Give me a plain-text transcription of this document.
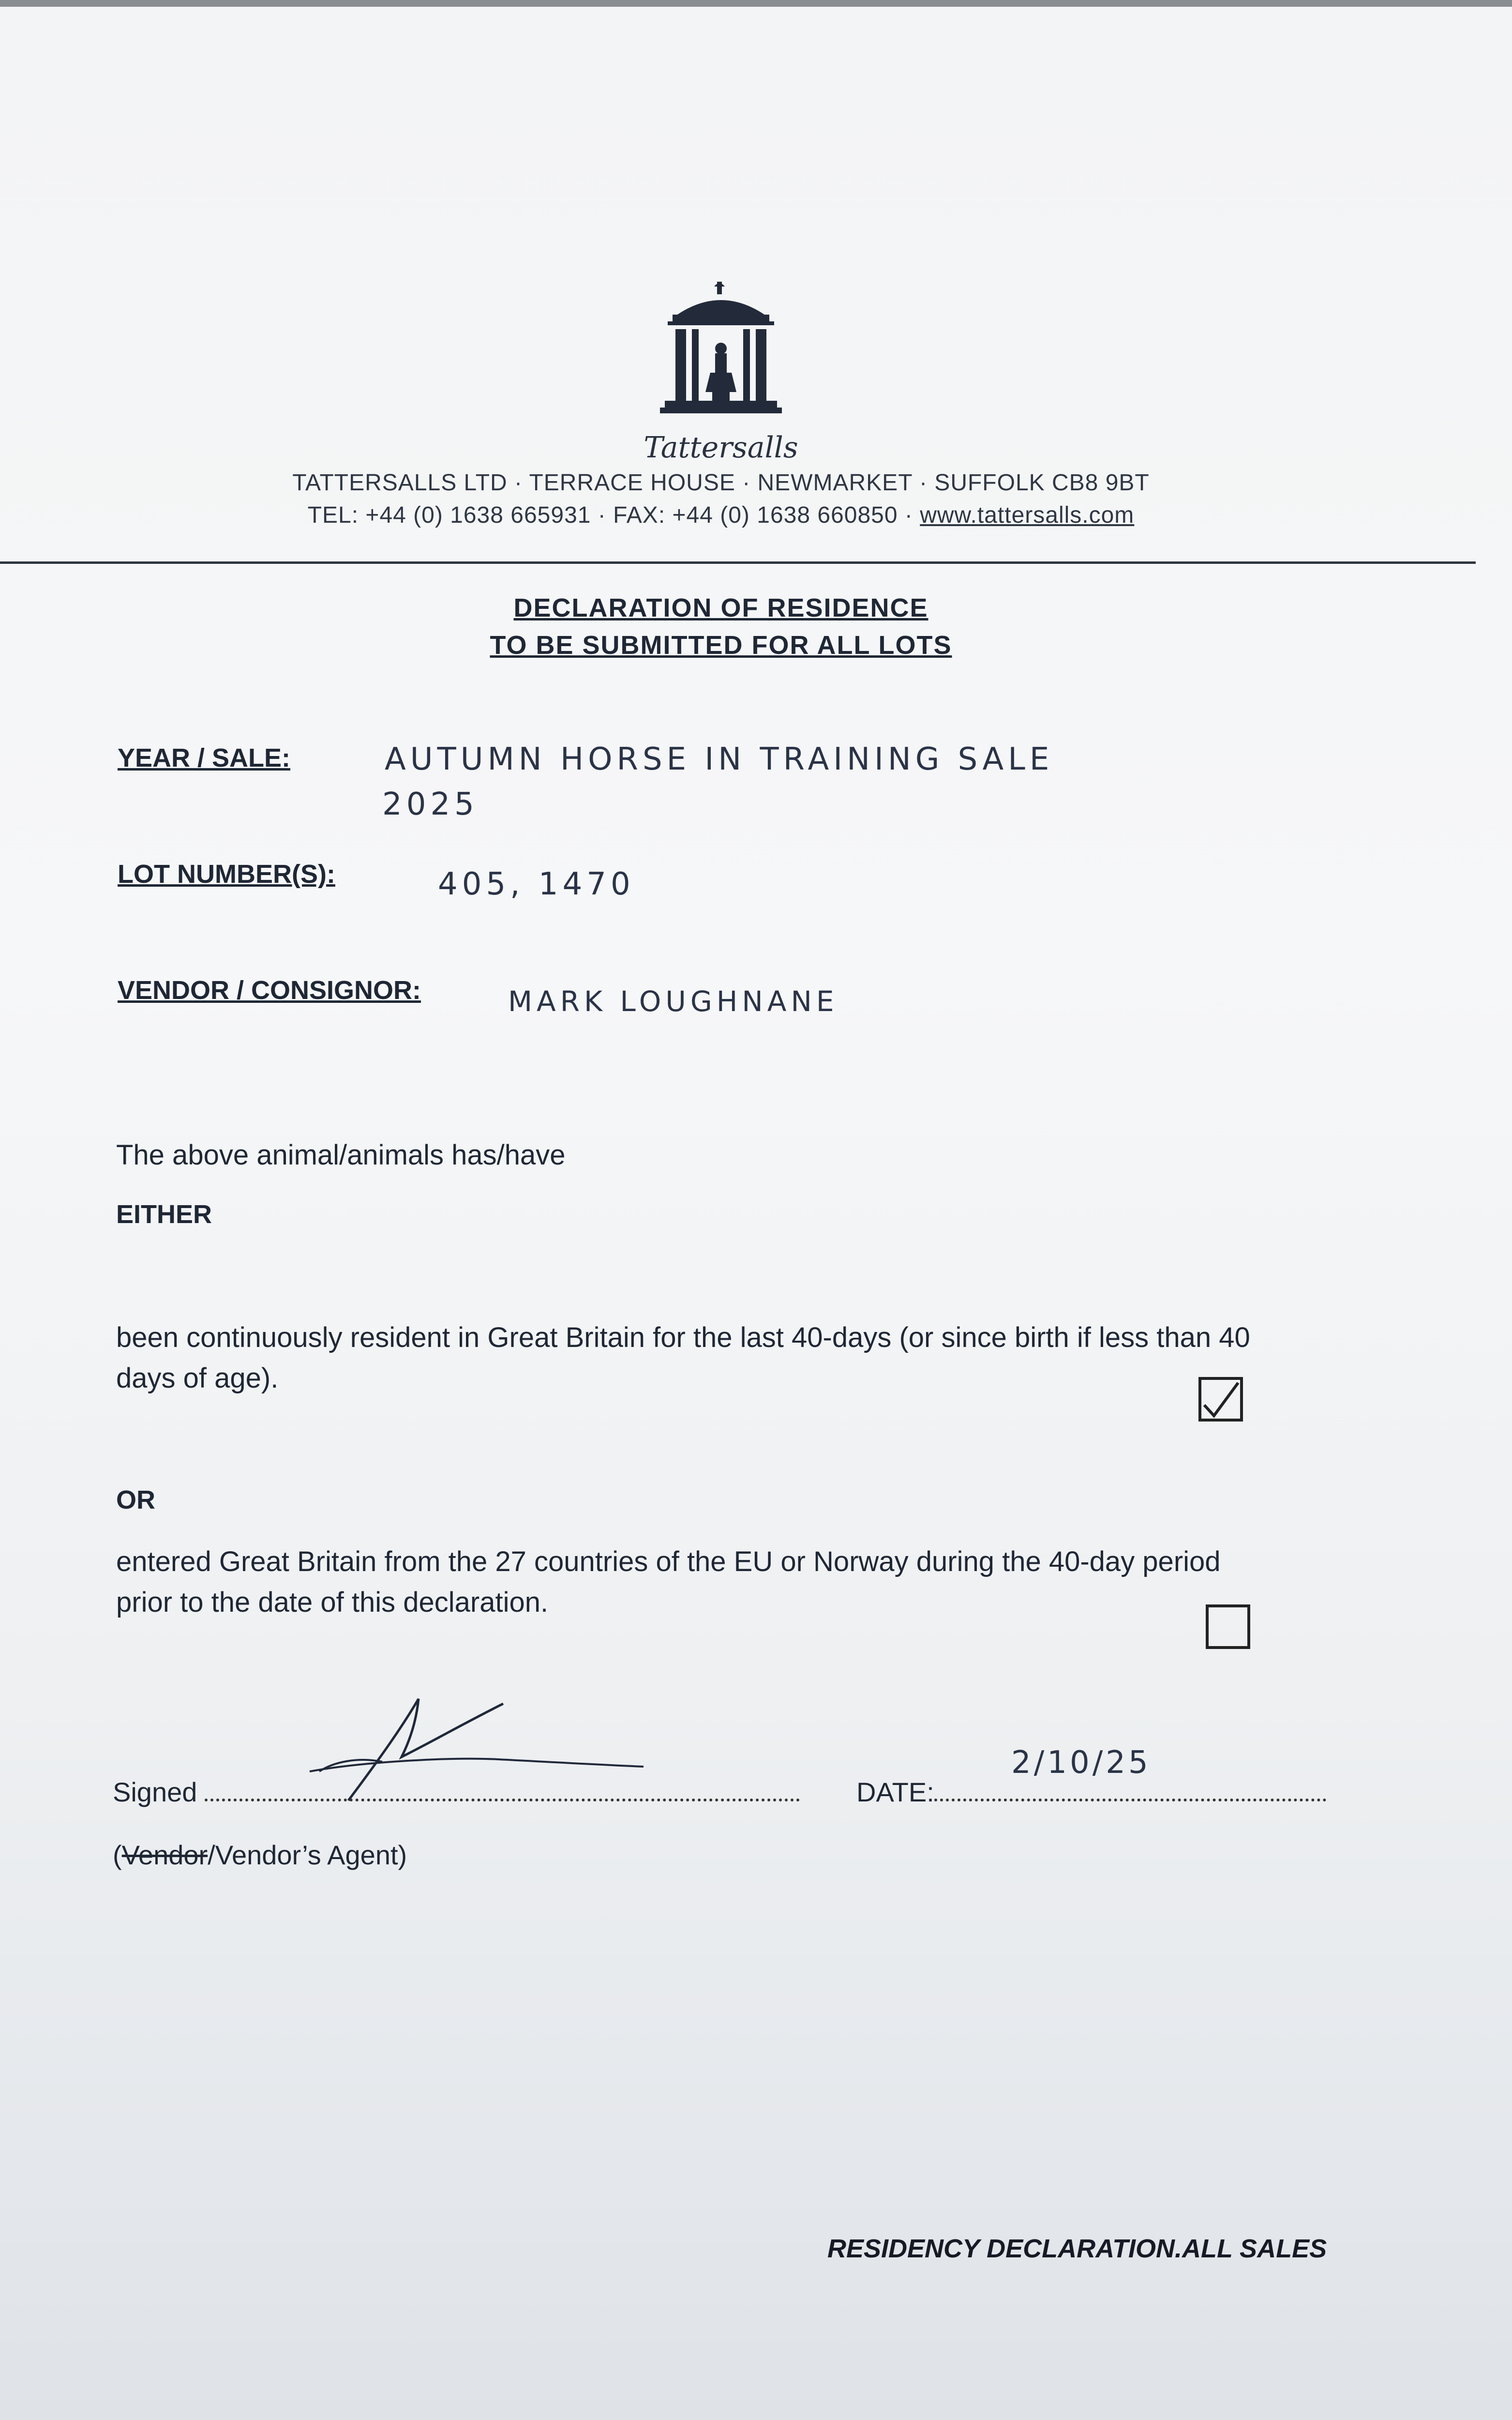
Tattersalls
TATTERSALLS LTD · TERRACE HOUSE · NEWMARKET · SUFFOLK CB8 9BT
TEL: +44 (0) 1638 665931 · FAX: +44 (0) 1638 660850 · www.tattersalls.com
DECLARATION OF RESIDENCE
TO BE SUBMITTED FOR ALL LOTS
YEAR / SALE:	AUTUMN HORSE IN TRAINING SALE
2025
LOT NUMBER(S):	405, 1470
VENDOR / CONSIGNOR:	MARK LOUGHNANE
The above animal/animals has/have
EITHER
been continuously resident in Great Britain for the last 40-days (or since birth if less than 40
days of age).
OR
entered Great Britain from the 27 countries of the EU or Norway during the 40-day period
prior to the date of this declaration.
Signed	DATE:
2/10/25
(Vendor/Vendor’s Agent)
RESIDENCY DECLARATION.ALL SALES
